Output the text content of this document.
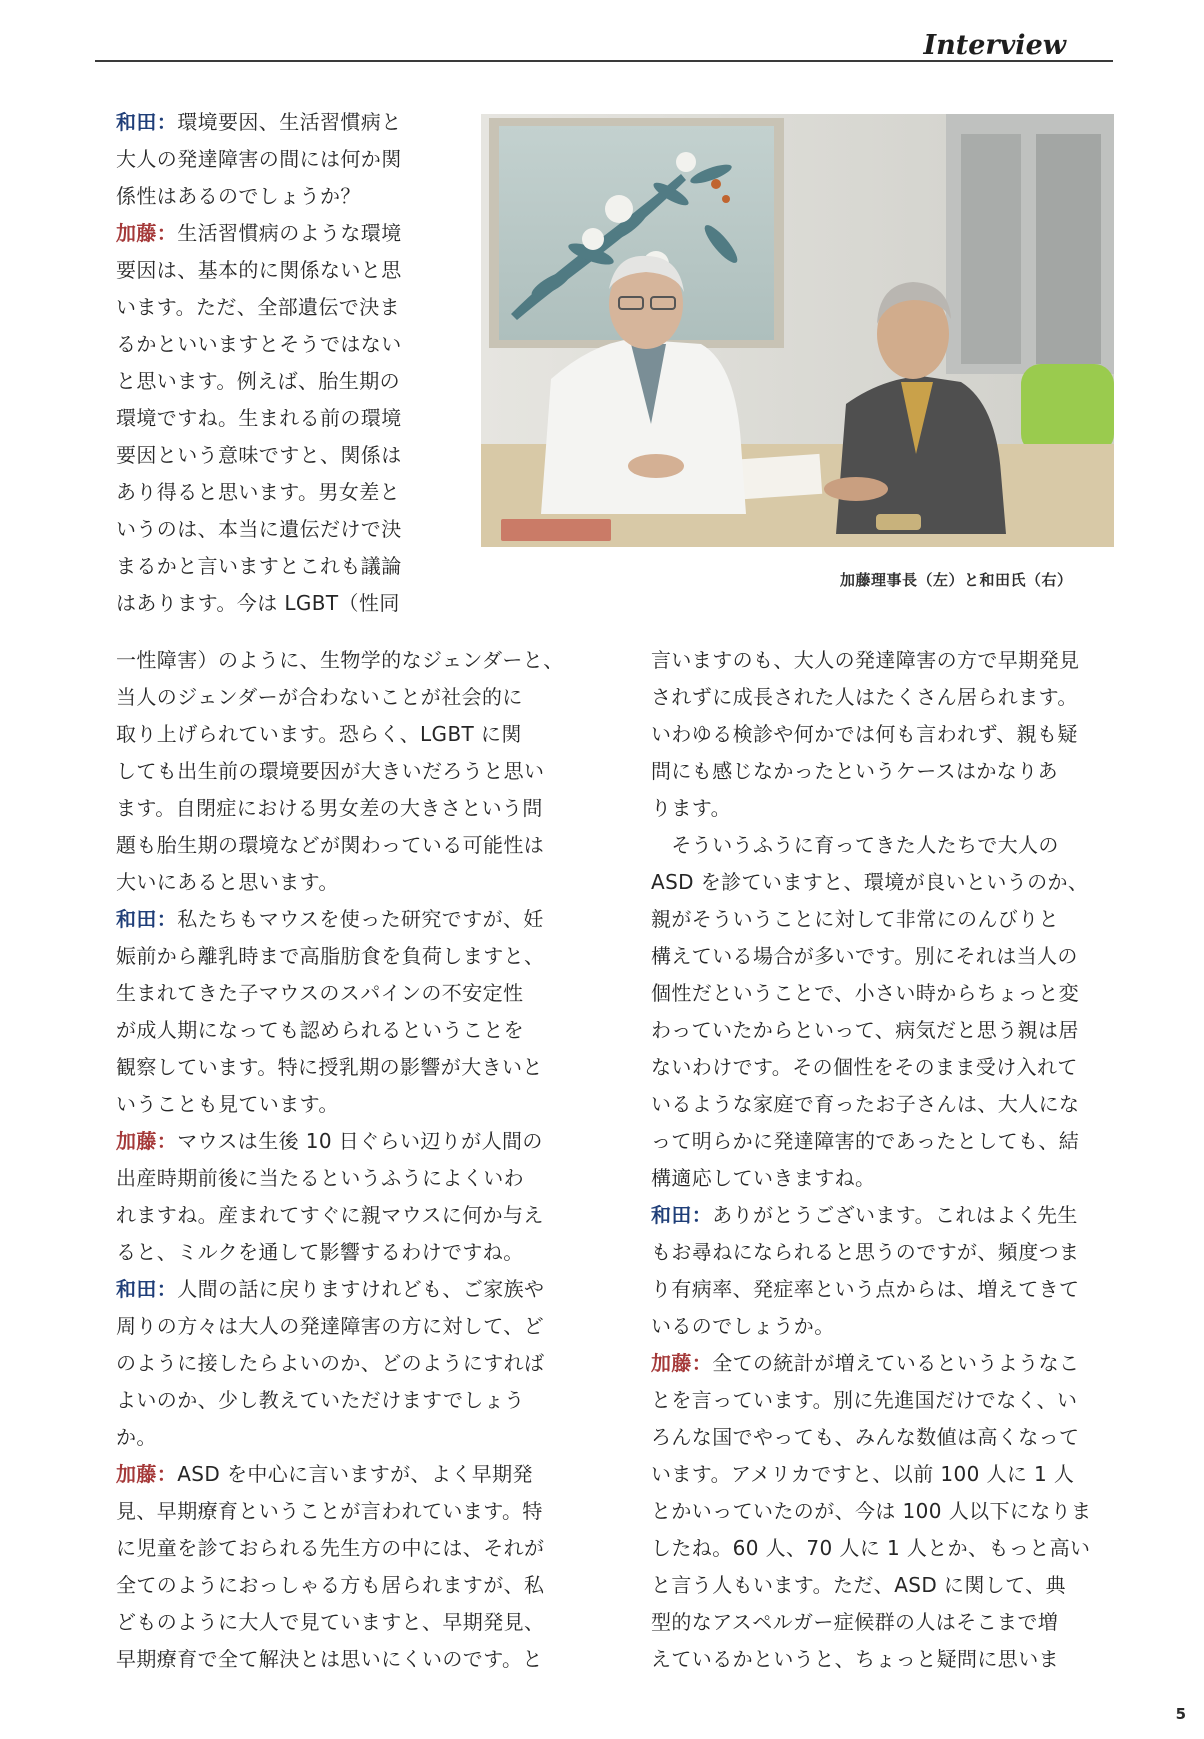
Interview
和田：環境要因、生活習慣病と
大人の発達障害の間には何か関
係性はあるのでしょうか？
加藤：生活習慣病のような環境
要因は、基本的に関係ないと思
います。ただ、全部遺伝で決ま
るかといいますとそうではない
と思います。例えば、胎生期の
環境ですね。生まれる前の環境
要因という意味ですと、関係は
あり得ると思います。男女差と
いうのは、本当に遺伝だけで決
まるかと言いますとこれも議論
はあります。今は LGBT（性同
加藤理事長（左）と和田氏（右）
一性障害）のように、生物学的なジェンダーと、
当人のジェンダーが合わないことが社会的に
取り上げられています。恐らく、LGBT に関
しても出生前の環境要因が大きいだろうと思い
ます。自閉症における男女差の大きさという問
題も胎生期の環境などが関わっている可能性は
大いにあると思います。
和田：私たちもマウスを使った研究ですが、妊
娠前から離乳時まで高脂肪食を負荷しますと、
生まれてきた子マウスのスパインの不安定性
が成人期になっても認められるということを
観察しています。特に授乳期の影響が大きいと
いうことも見ています。
加藤：マウスは生後 10 日ぐらい辺りが人間の
出産時期前後に当たるというふうによくいわ
れますね。産まれてすぐに親マウスに何か与え
ると、ミルクを通して影響するわけですね。
和田：人間の話に戻りますけれども、ご家族や
周りの方々は大人の発達障害の方に対して、ど
のように接したらよいのか、どのようにすれば
よいのか、少し教えていただけますでしょう
か。
加藤：ASD を中心に言いますが、よく早期発
見、早期療育ということが言われています。特
に児童を診ておられる先生方の中には、それが
全てのようにおっしゃる方も居られますが、私
どものように大人で見ていますと、早期発見、
早期療育で全て解決とは思いにくいのです。と
言いますのも、大人の発達障害の方で早期発見
されずに成長された人はたくさん居られます。
いわゆる検診や何かでは何も言われず、親も疑
問にも感じなかったというケースはかなりあ
ります。
　そういうふうに育ってきた人たちで大人の
ASD を診ていますと、環境が良いというのか、
親がそういうことに対して非常にのんびりと
構えている場合が多いです。別にそれは当人の
個性だということで、小さい時からちょっと変
わっていたからといって、病気だと思う親は居
ないわけです。その個性をそのまま受け入れて
いるような家庭で育ったお子さんは、大人にな
って明らかに発達障害的であったとしても、結
構適応していきますね。
和田：ありがとうございます。これはよく先生
もお尋ねになられると思うのですが、頻度つま
り有病率、発症率という点からは、増えてきて
いるのでしょうか。
加藤：全ての統計が増えているというようなこ
とを言っています。別に先進国だけでなく、い
ろんな国でやっても、みんな数値は高くなって
います。アメリカですと、以前 100 人に 1 人
とかいっていたのが、今は 100 人以下になりま
したね。60 人、70 人に 1 人とか、もっと高い
と言う人もいます。ただ、ASD に関して、典
型的なアスペルガー症候群の人はそこまで増
えているかというと、ちょっと疑問に思いま
5
